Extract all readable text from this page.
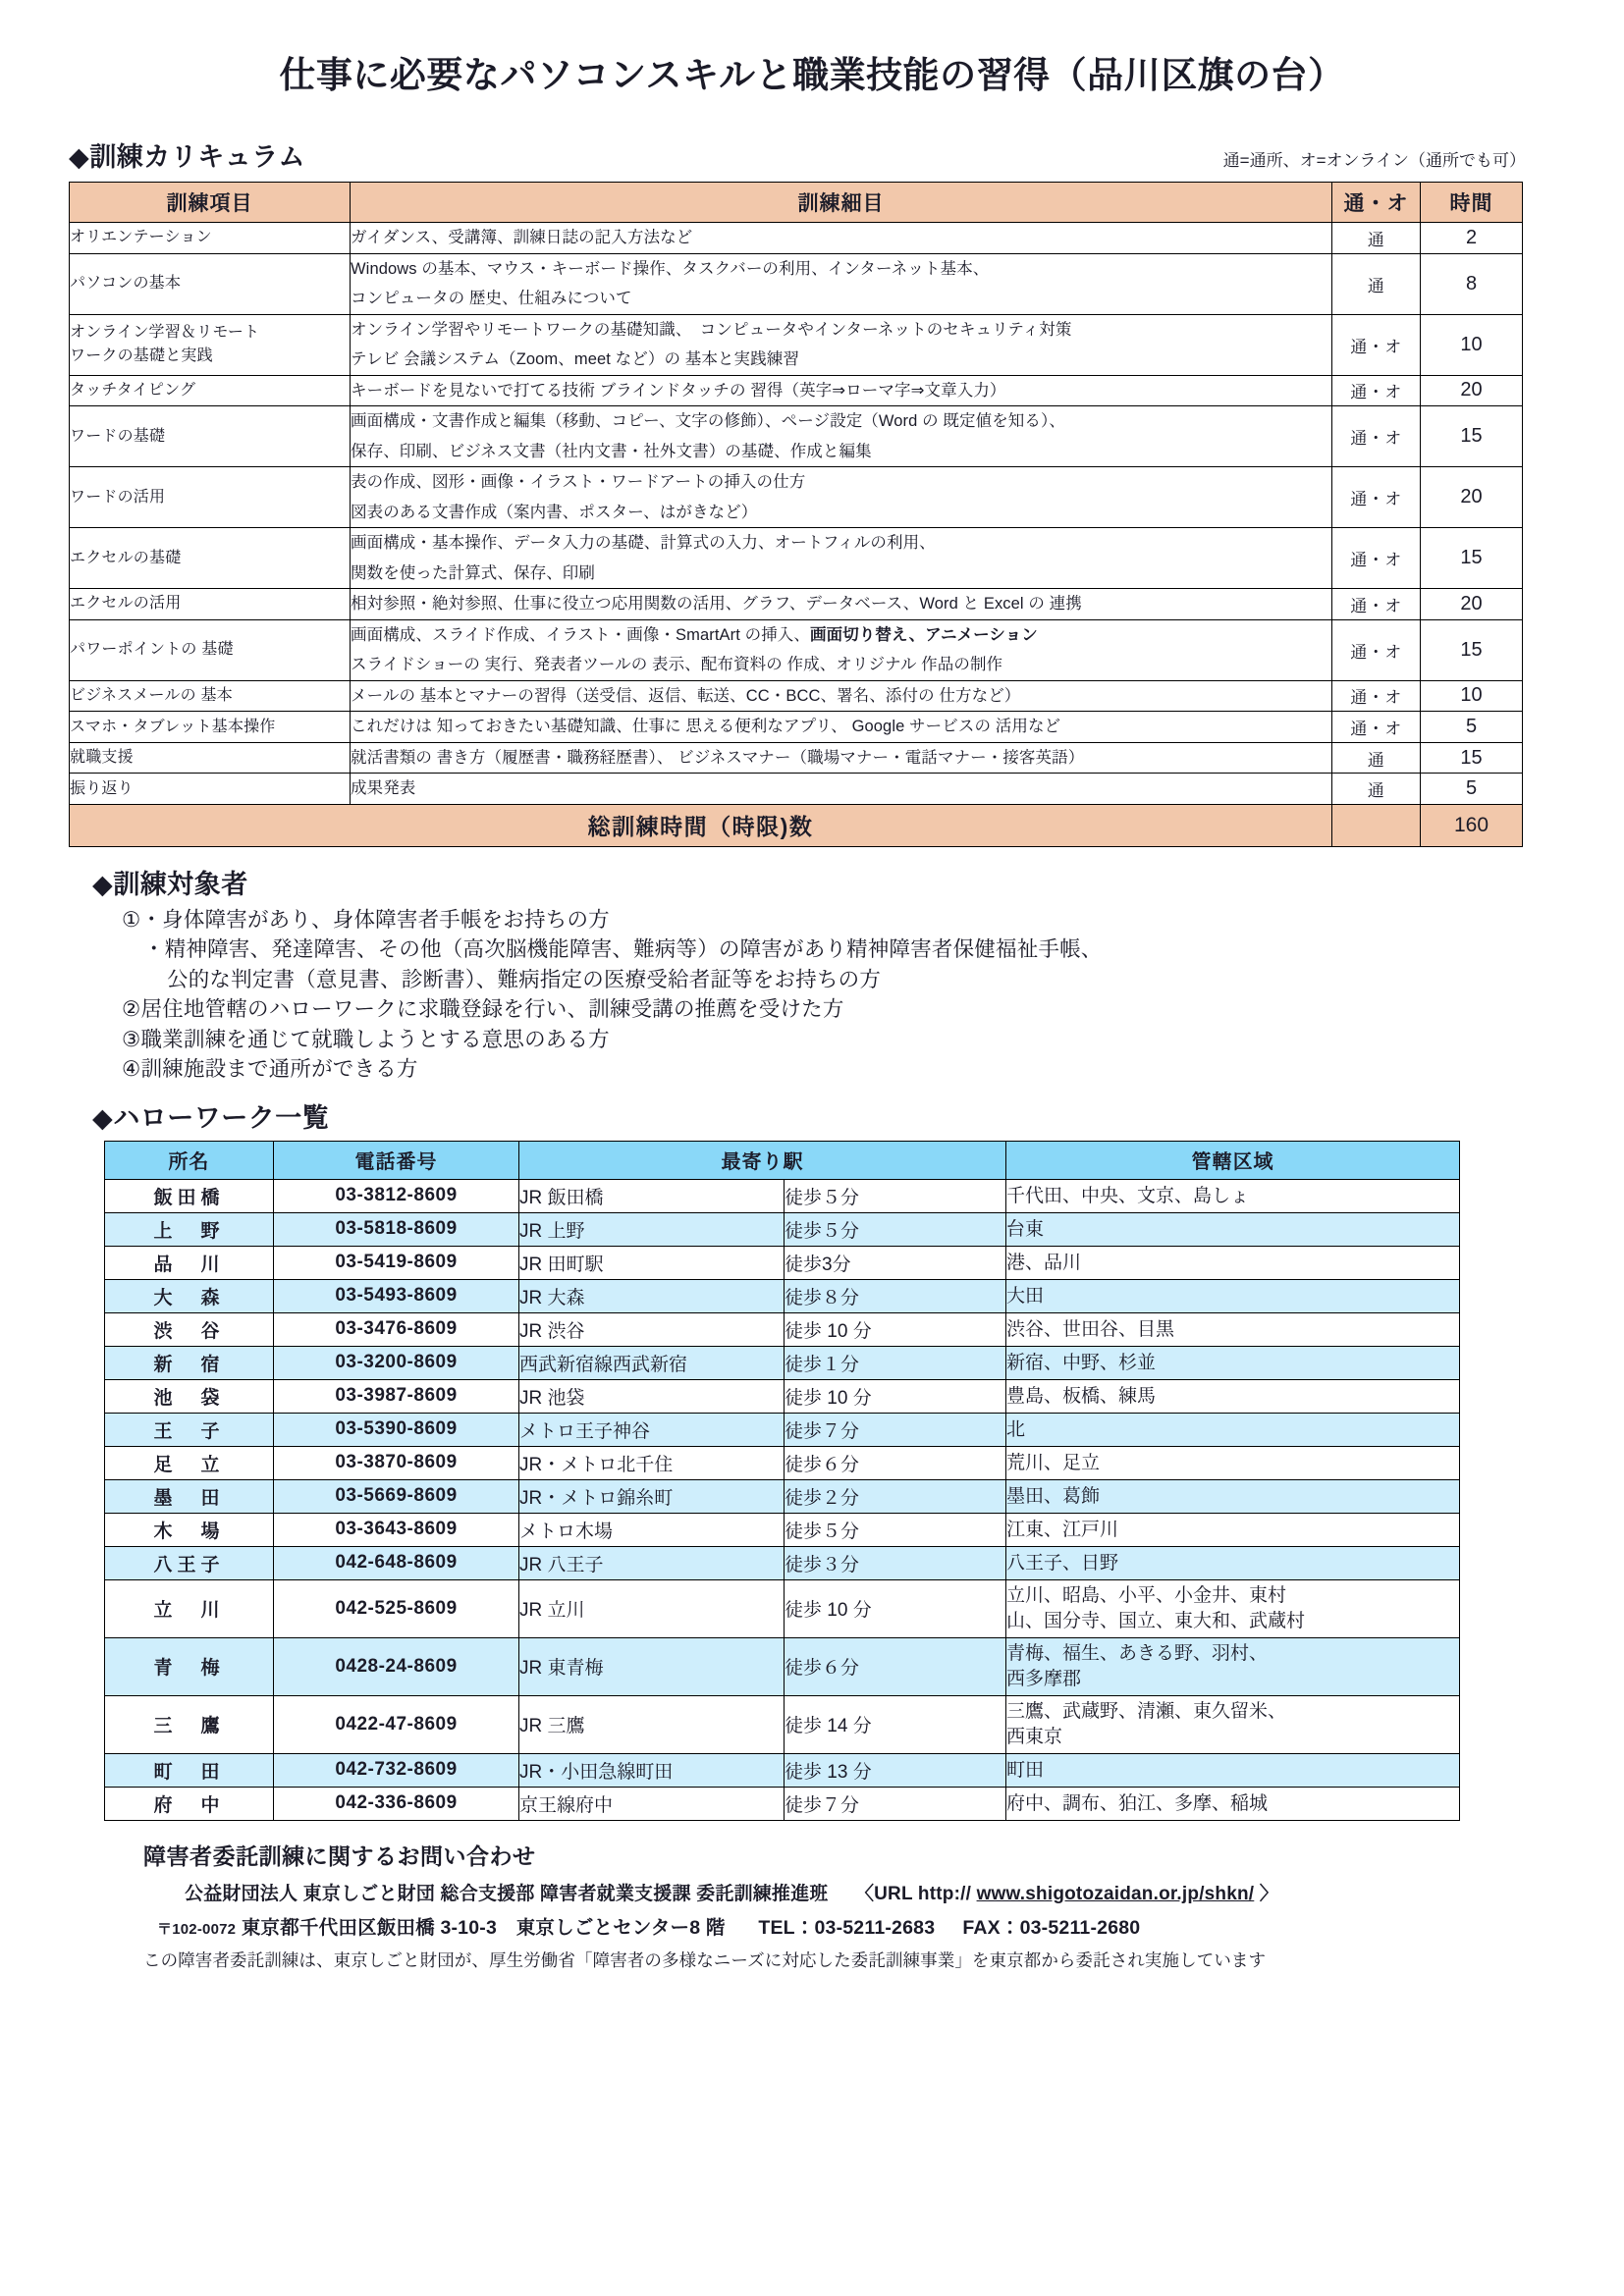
仕事に必要なパソコンスキルと職業技能の習得（品川区旗の台）
◆訓練カリキュラム	通=通所、オ=オンライン（通所でも可）
訓練項目	訓練細目	通・オ	時間
オリエンテーション	ガイダンス、受講簿、訓練日誌の記入方法など	通	2
パソコンの基本	Windows の基本、マウス・キーボード操作、タスクバーの利用、インターネット基本、
コンピュータの 歴史、仕組みについて	通	8

オンライン学習＆リモート
ワークの基礎と実践	オンライン学習やリモートワークの基礎知識、　コンピュータやインターネットのセキュリティ対策
テレビ 会議システム（Zoom、meet など）の 基本と実践練習	通・オ	10
タッチタイピング	キーボードを見ないで打てる技術 ブラインドタッチの 習得（英字⇒ローマ字⇒文章入力）	通・オ	20
ワードの基礎	画面構成・文書作成と編集（移動、コピー、文字の修飾）、ページ設定（Word の 既定値を知る）、
保存、印刷、ビジネス文書（社内文書・社外文書）の基礎、作成と編集	通・オ	15
ワードの活用	表の作成、図形・画像・イラスト・ワードアートの挿入の仕方
図表のある文書作成（案内書、ポスター、はがきなど）	通・オ	20
エクセルの基礎	画面構成・基本操作、データ入力の基礎、計算式の入力、オートフィルの利用、
関数を使った計算式、保存、印刷	通・オ	15
エクセルの活用	相対参照・絶対参照、仕事に役立つ応用関数の活用、グラフ、データベース、Word と Excel の 連携	通・オ	20
パワーポイントの 基礎	画面構成、スライド作成、イラスト・画像・SmartArt の挿入、画面切り替え、アニメーション
スライドショーの 実行、発表者ツールの 表示、配布資料の 作成、オリジナル 作品の制作	通・オ	15
ビジネスメールの 基本	メールの 基本とマナーの習得（送受信、返信、転送、CC・BCC、署名、添付の 仕方など）	通・オ	10
スマホ・タブレット基本操作	これだけは 知っておきたい基礎知識、仕事に 思える便利なアプリ、 Google サービスの 活用など	通・オ	5
就職支援	就活書類の 書き方（履歴書・職務経歴書）、 ビジネスマナー（職場マナー・電話マナー・接客英語）	通	15
振り返り	成果発表	通	5
総訓練時間（時限)数			160
◆訓練対象者
①・身体障害があり、身体障害者手帳をお持ちの方
・精神障害、発達障害、その他（高次脳機能障害、難病等）の障害があり精神障害者保健福祉手帳、
公的な判定書（意見書、診断書）、難病指定の医療受給者証等をお持ちの方
②居住地管轄のハローワークに求職登録を行い、訓練受講の推薦を受けた方
③職業訓練を通じて就職しようとする意思のある方
④訓練施設まで通所ができる方
◆ハローワーク一覧
所名	電話番号	最寄り駅		管轄区域
飯田橋	03-3812-8609	JR 飯田橋	徒歩５分	千代田、中央、文京、島しょ

上　野	03-5818-8609	JR 上野	徒歩５分	台東

品　川	03-5419-8609	JR 田町駅	徒歩3分	港、品川

大　森	03-5493-8609	JR 大森	徒歩８分	大田

渋　谷	03-3476-8609	JR 渋谷	徒歩 10 分	渋谷、世田谷、目黒

新　宿	03-3200-8609	西武新宿線西武新宿	徒歩１分	新宿、中野、杉並

池　袋	03-3987-8609	JR 池袋	徒歩 10 分	豊島、板橋、練馬

王　子	03-5390-8609	メトロ王子神谷	徒歩７分	北

足　立	03-3870-8609	JR・メトロ北千住	徒歩６分	荒川、足立

墨　田	03-5669-8609	JR・メトロ錦糸町	徒歩２分	墨田、葛飾

木　場	03-3643-8609	メトロ木場	徒歩５分	江東、江戸川

八王子	042-648-8609	JR 八王子	徒歩３分	八王子、日野

立　川	042-525-8609	JR 立川	徒歩 10 分	立川、昭島、小平、小金井、東村
山、国分寺、国立、東大和、武蔵村

青　梅	0428-24-8609	JR 東青梅	徒歩６分	青梅、福生、あきる野、羽村、
西多摩郡

三　鷹	0422-47-8609	JR 三鷹	徒歩 14 分	三鷹、武蔵野、清瀬、東久留米、
西東京

町　田	042-732-8609	JR・小田急線町田	徒歩 13 分	町田

府　中	042-336-8609	京王線府中	徒歩７分	府中、調布、狛江、多摩、稲城
障害者委託訓練に関するお問い合わせ
公益財団法人 東京しごと財団 総合支援部 障害者就業支援課 委託訓練推進班 〈URL http:// www.shigotozaidan.or.jp/shkn/ 〉
〒102-0072 東京都千代田区飯田橋 3-10-3　東京しごとセンター8 階 TEL：03-5211-2683 FAX：03-5211-2680
この障害者委託訓練は、東京しごと財団が、厚生労働省「障害者の多様なニーズに対応した委託訓練事業」を東京都から委託され実施しています
